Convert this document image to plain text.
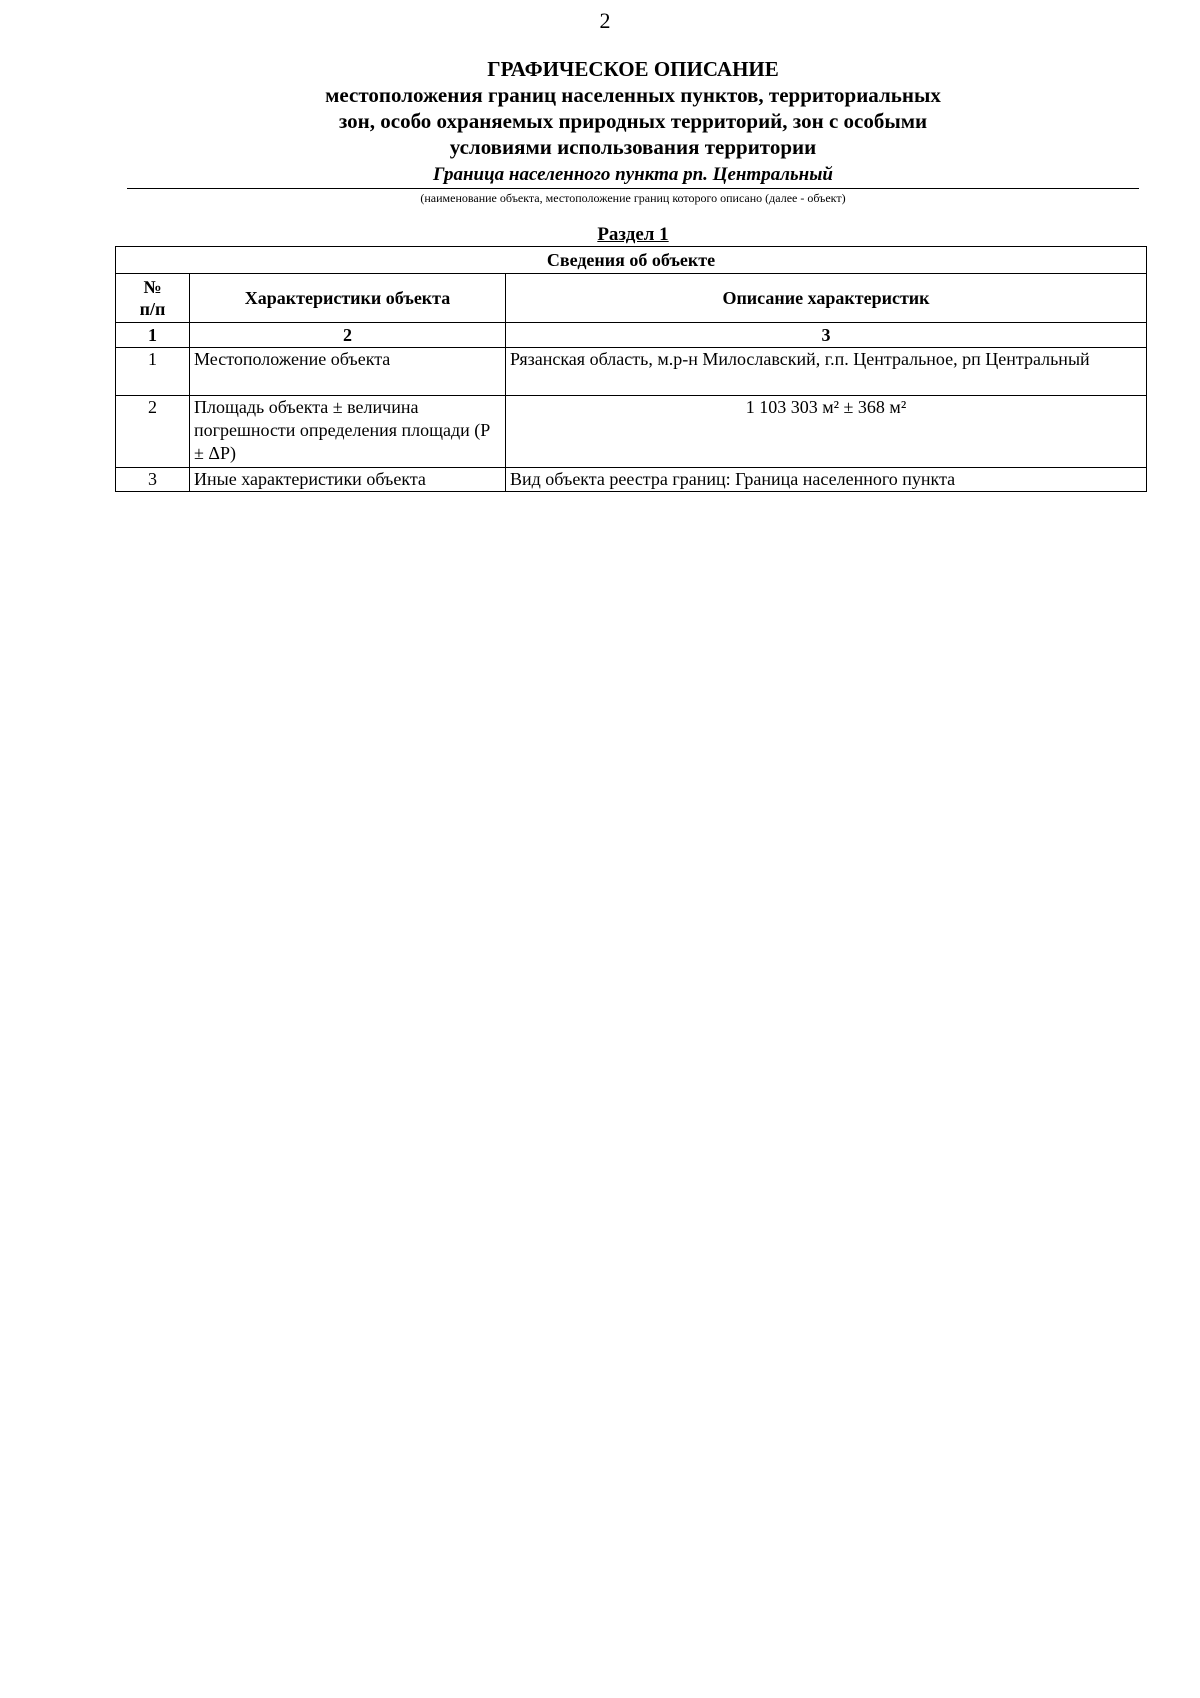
2
ГРАФИЧЕСКОЕ ОПИСАНИЕ
местоположения границ населенных пунктов, территориальных
зон, особо охраняемых природных территорий, зон с особыми
условиями использования территории
Граница населенного пункта рп. Центральный
(наименование объекта, местоположение границ которого описано (далее - объект)
Раздел 1
Сведения об объекте		

№
п/п	Характеристики объекта	Описание характеристик
1	2	3
1	Местоположение объекта	Рязанская область, м.р-н Милославский, г.п. Центральное, рп Центральный
2	Площадь объекта ± величина погрешности определения площади (P ± ΔP)	1 103 303 м² ± 368 м²
3	Иные характеристики объекта	Вид объекта реестра границ: Граница населенного пункта
